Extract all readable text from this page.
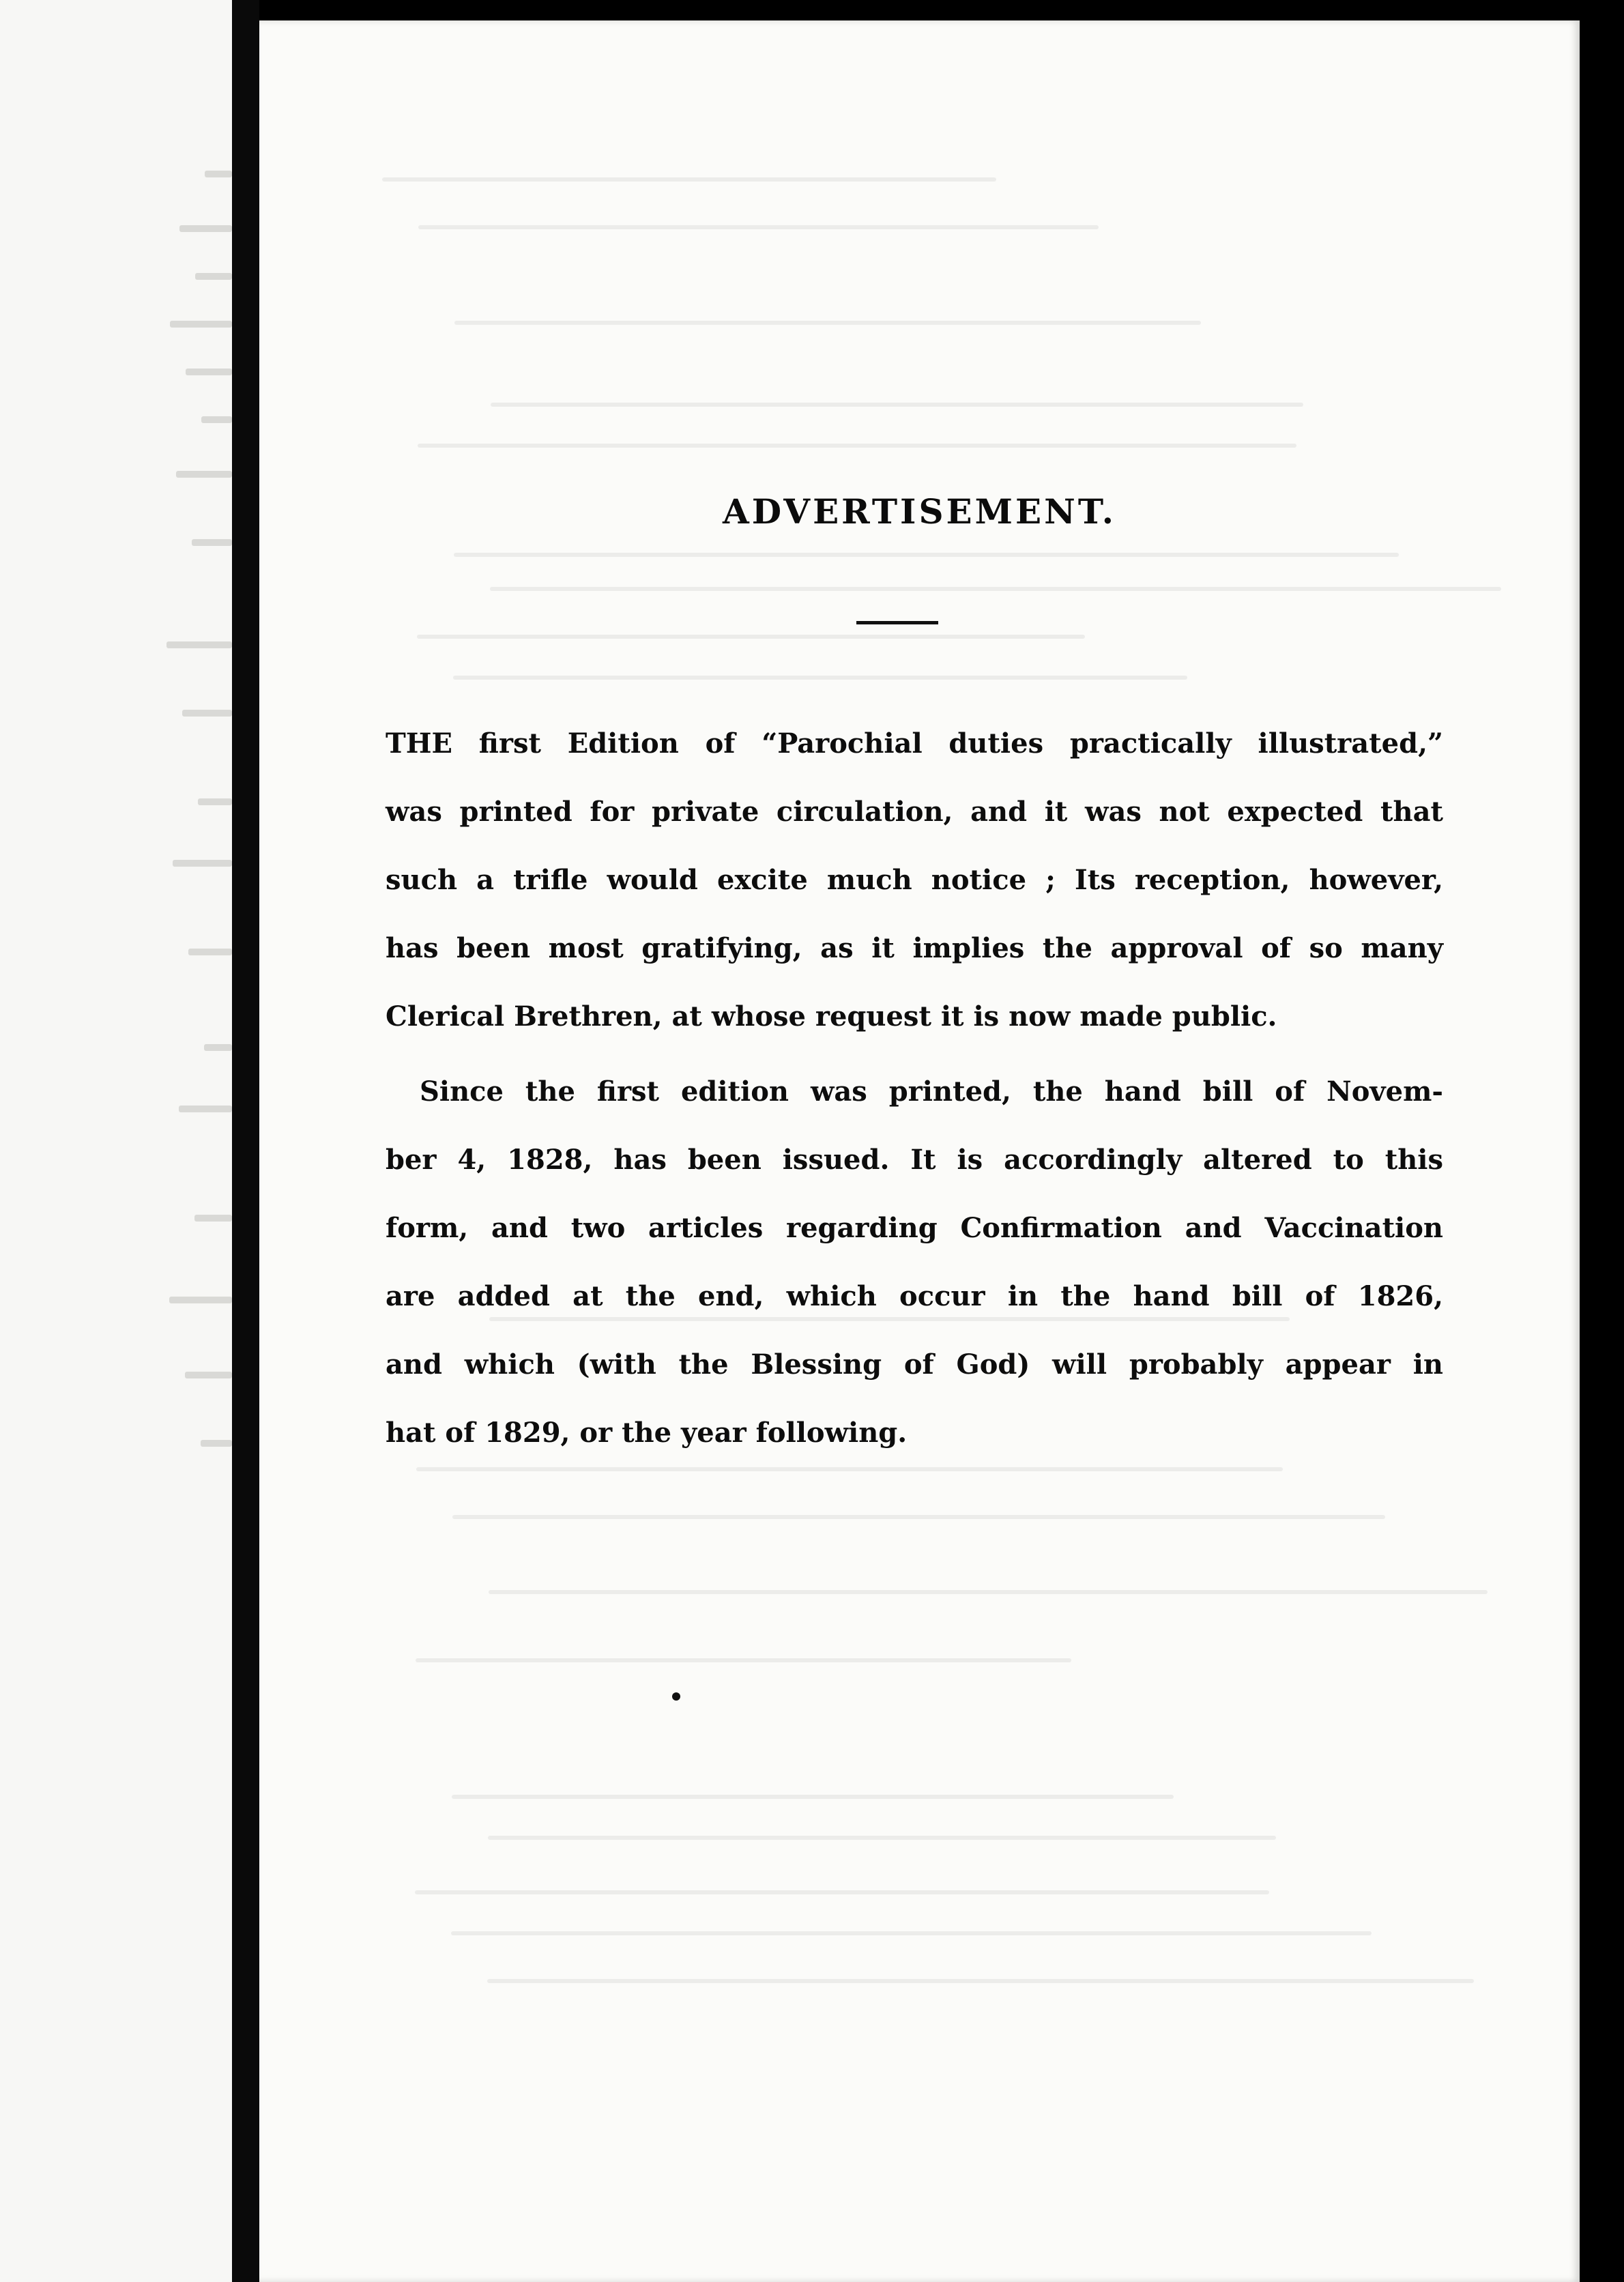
ADVERTISEMENT.

THE first Edition of “Parochial duties practically illustrated,”
was printed for private circulation, and it was not expected that
such a trifle would excite much notice ; Its reception, however,
has been most gratifying, as it implies the approval of so many
Clerical Brethren, at whose request it is now made public.

Since the first edition was printed, the hand bill of Novem-
ber 4, 1828, has been issued. It is accordingly altered to this
form, and two articles regarding Confirmation and Vaccination
are added at the end, which occur in the hand bill of 1826,
and which (with the Blessing of God) will probably appear in
hat of 1829, or the year following.
